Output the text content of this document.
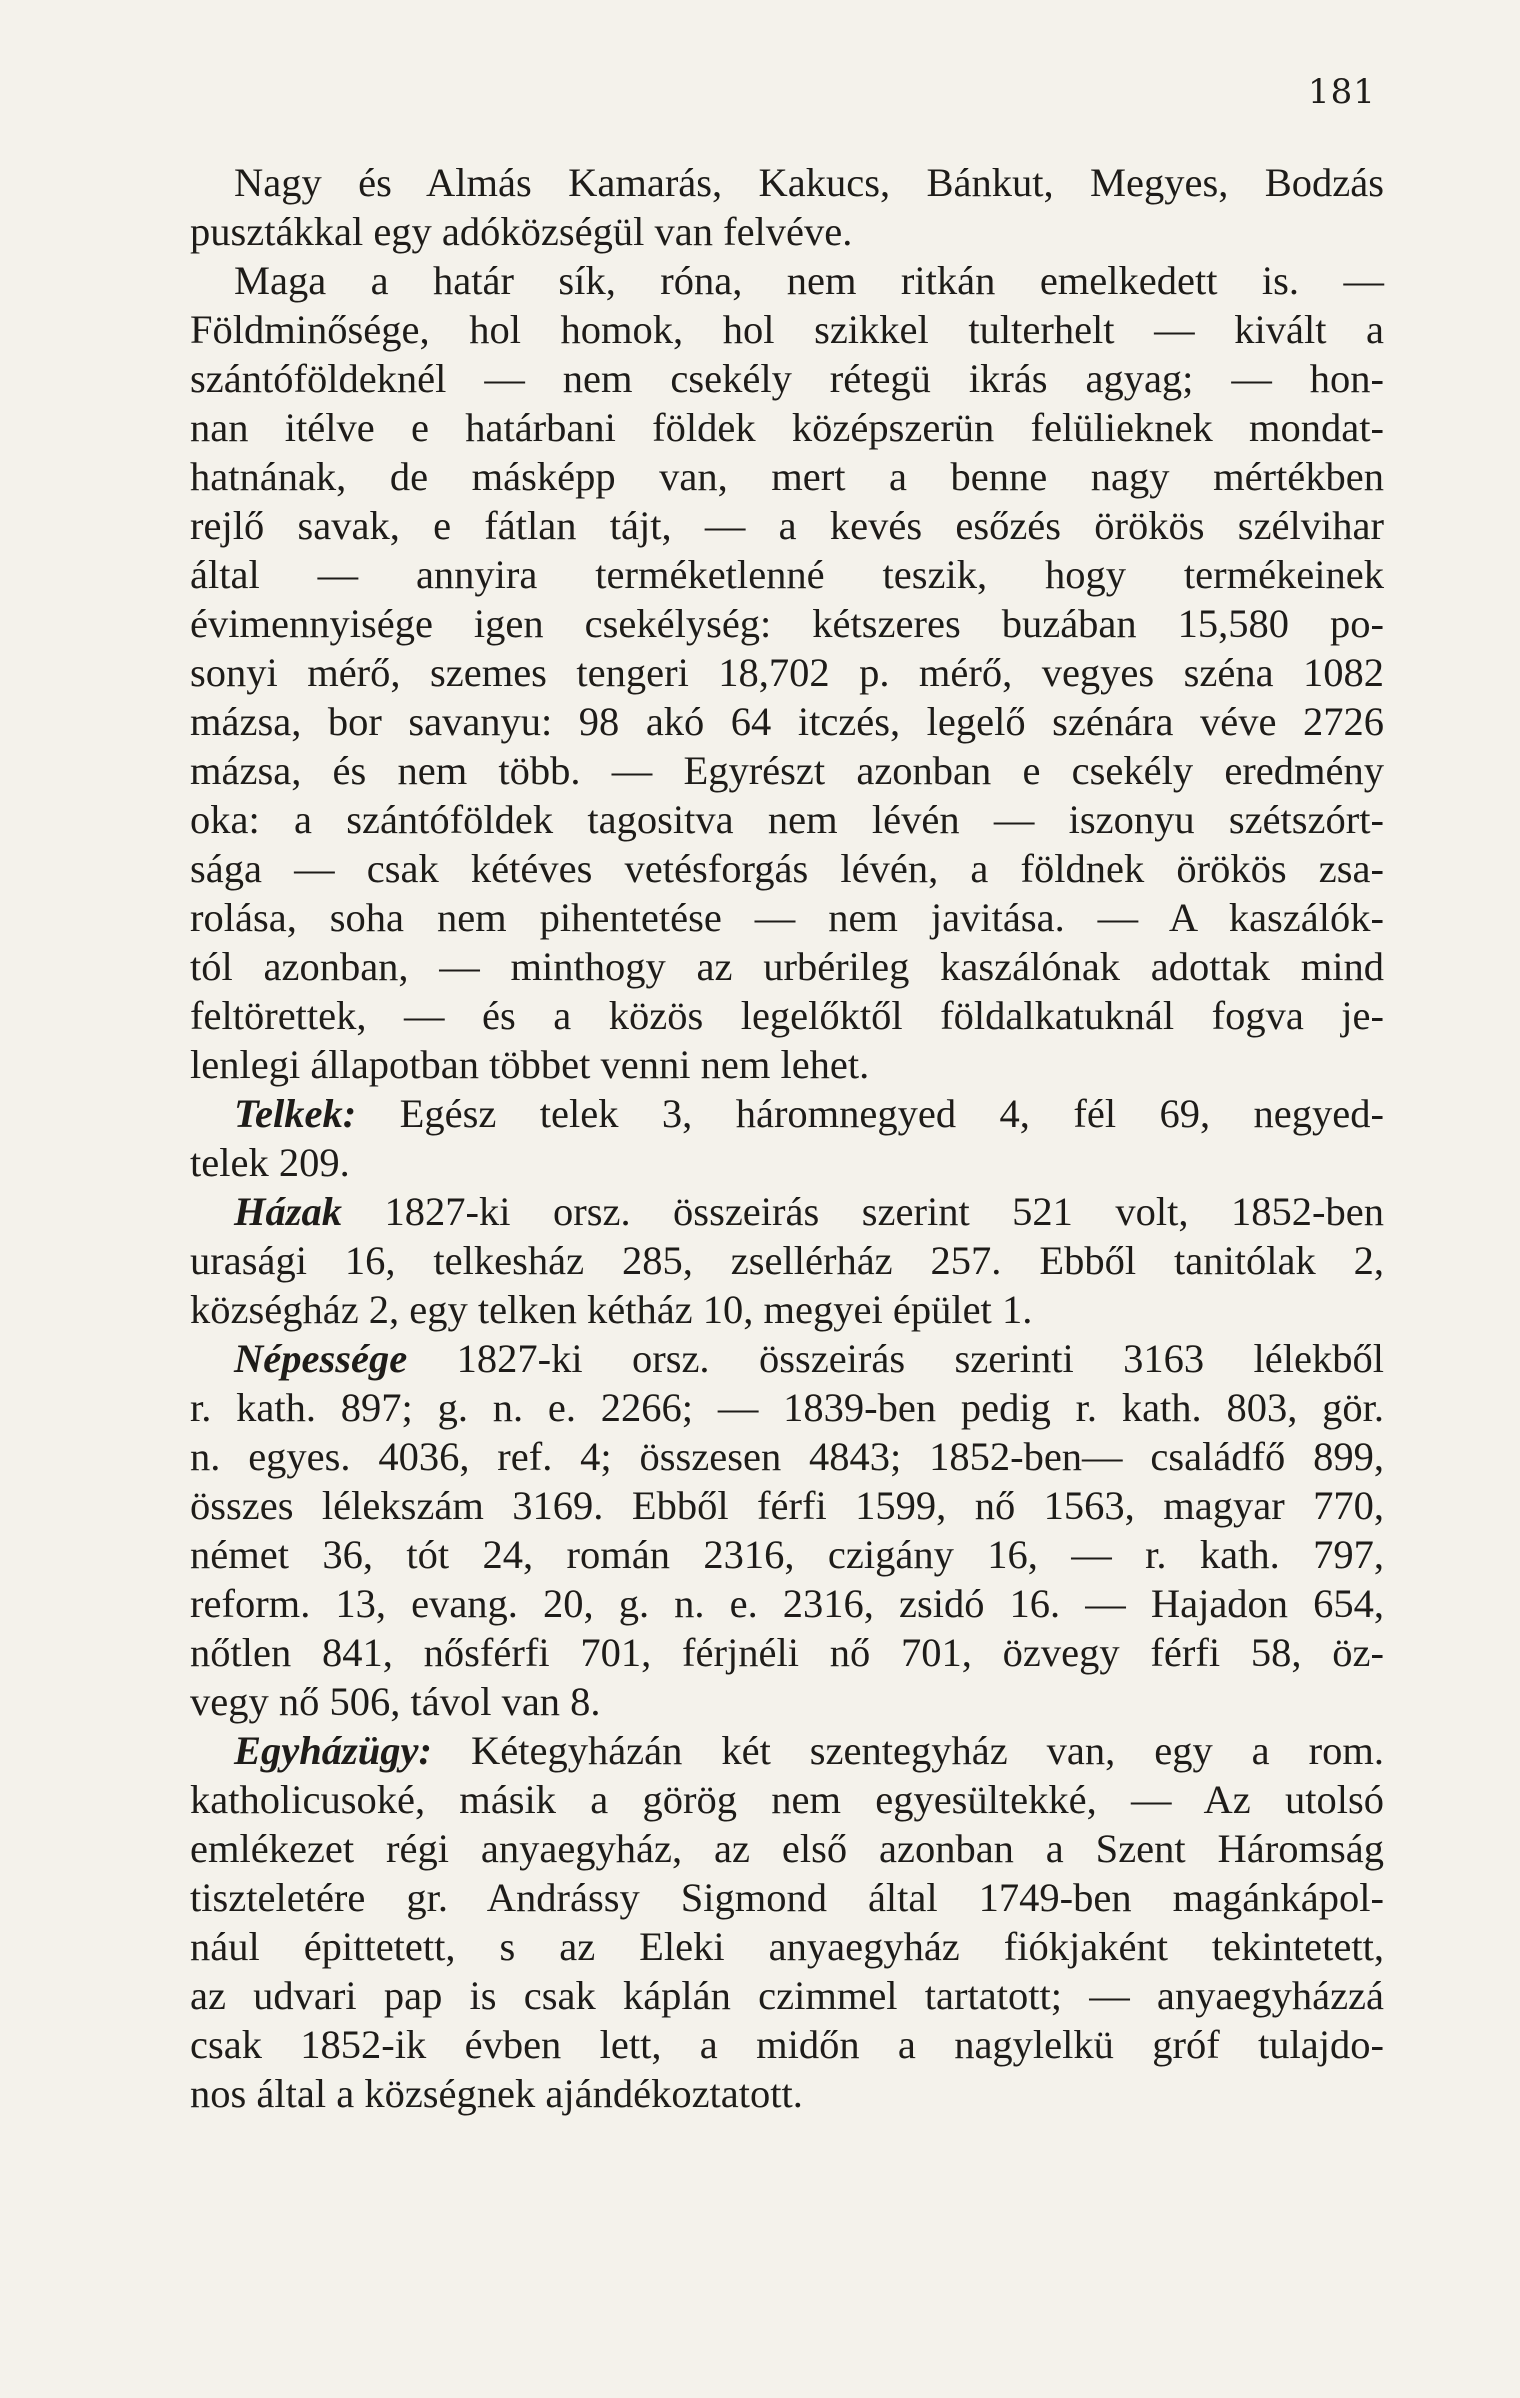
181
Nagy és Almás Kamarás, Kakucs, Bánkut, Megyes, Bodzás
pusztákkal egy adóközségül van felvéve.
Maga a határ sík, róna, nem ritkán emelkedett is. —
Földminősége, hol homok, hol szikkel tulterhelt — kivált a
szántóföldeknél — nem csekély rétegü ikrás agyag; — hon-
nan itélve e határbani földek középszerün felülieknek mondat-
hatnának, de másképp van, mert a benne nagy mértékben
rejlő savak, e fátlan tájt, — a kevés esőzés örökös szélvihar
által — annyira terméketlenné teszik, hogy termékeinek
évimennyisége igen csekélység: kétszeres buzában 15,580 po-
sonyi mérő, szemes tengeri 18,702 p. mérő, vegyes széna 1082
mázsa, bor savanyu: 98 akó 64 itczés, legelő szénára véve 2726
mázsa, és nem több. — Egyrészt azonban e csekély eredmény
oka: a szántóföldek tagositva nem lévén — iszonyu szétszórt-
sága — csak kétéves vetésforgás lévén, a földnek örökös zsa-
rolása, soha nem pihentetése — nem javitása. — A kaszálók-
tól azonban, — minthogy az urbérileg kaszálónak adottak mind
feltörettek, — és a közös legelőktől földalkatuknál fogva je-
lenlegi állapotban többet venni nem lehet.
Telkek: Egész telek 3, háromnegyed 4, fél 69, negyed-
telek 209.
Házak 1827-ki orsz. összeirás szerint 521 volt, 1852-ben
urasági 16, telkesház 285, zsellérház 257. Ebből tanitólak 2,
községház 2, egy telken kétház 10, megyei épület 1.
Népessége 1827-ki orsz. összeirás szerinti 3163 lélekből
r. kath. 897; g. n. e. 2266; — 1839-ben pedig r. kath. 803, gör.
n. egyes. 4036, ref. 4; összesen 4843; 1852-ben— családfő 899,
összes lélekszám 3169. Ebből férfi 1599, nő 1563, magyar 770,
német 36, tót 24, román 2316, czigány 16, — r. kath. 797,
reform. 13, evang. 20, g. n. e. 2316, zsidó 16. — Hajadon 654,
nőtlen 841, nősférfi 701, férjnéli nő 701, özvegy férfi 58, öz-
vegy nő 506, távol van 8.
Egyházügy: Kétegyházán két szentegyház van, egy a rom.
katholicusoké, másik a görög nem egyesültekké, — Az utolsó
emlékezet régi anyaegyház, az első azonban a Szent Háromság
tiszteletére gr. Andrássy Sigmond által 1749-ben magánkápol-
nául épittetett, s az Eleki anyaegyház fiókjaként tekintetett,
az udvari pap is csak káplán czimmel tartatott; — anyaegyházzá
csak 1852-ik évben lett, a midőn a nagylelkü gróf tulajdo-
nos által a községnek ajándékoztatott.
